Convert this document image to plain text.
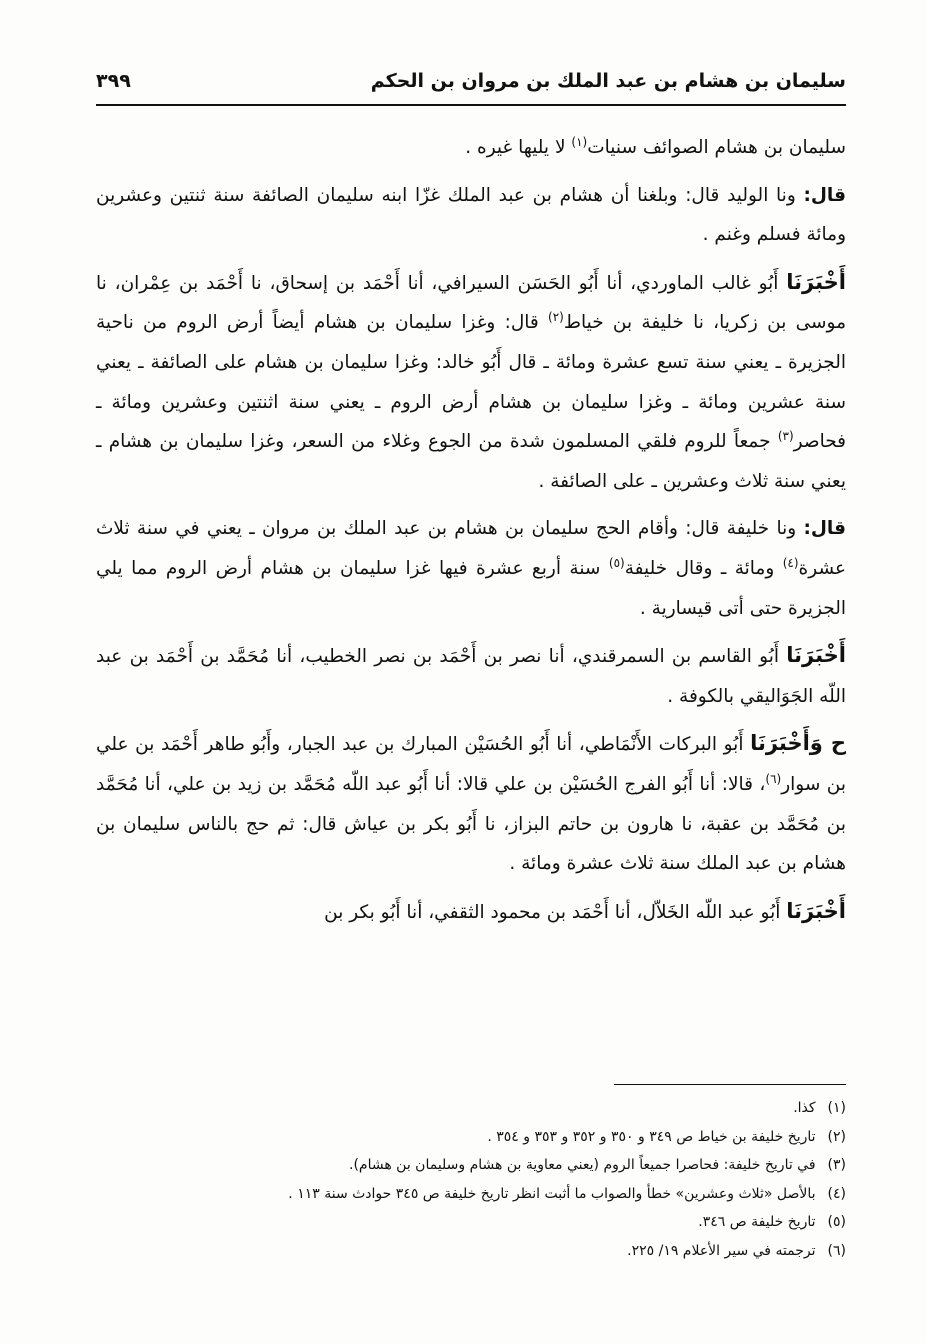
سليمان بن هشام بن عبد الملك بن مروان بن الحكم
٣٩٩

سليمان بن هشام الصوائف سنيات$^{(١)}$ لا يليها غيره .

قال: ونا الوليد قال: وبلغنا أن هشام بن عبد الملك غزّا ابنه سليمان الصائفة سنة ثنتين وعشرين ومائة فسلم وغنم .

أَخْبَرَنَا أَبُو غالب الماوردي، أنا أَبُو الحَسَن السيرافي، أنا أَحْمَد بن إسحاق، نا أَحْمَد بن عِمْران، نا موسى بن زكريا، نا خليفة بن خياط$^{(٢)}$ قال: وغزا سليمان بن هشام أيضاً أرض الروم من ناحية الجزيرة ـ يعني سنة تسع عشرة ومائة ـ قال أَبُو خالد: وغزا سليمان بن هشام على الصائفة ـ يعني سنة عشرين ومائة ـ وغزا سليمان بن هشام أرض الروم ـ يعني سنة اثنتين وعشرين ومائة ـ فحاصر$^{(٣)}$ جمعاً للروم فلقي المسلمون شدة من الجوع وغلاء من السعر، وغزا سليمان بن هشام ـ يعني سنة ثلاث وعشرين ـ على الصائفة .

قال: ونا خليفة قال: وأقام الحج سليمان بن هشام بن عبد الملك بن مروان ـ يعني في سنة ثلاث عشرة$^{(٤)}$ ومائة ـ وقال خليفة$^{(٥)}$ سنة أربع عشرة فيها غزا سليمان بن هشام أرض الروم مما يلي الجزيرة حتى أتى قيسارية .

أَخْبَرَنَا أَبُو القاسم بن السمرقندي، أنا نصر بن أَحْمَد بن نصر الخطيب، أنا مُحَمَّد بن أَحْمَد بن عبد اللّه الجَوَاليقي بالكوفة .

ح وَأَخْبَرَنَا أَبُو البركات الأَنْمَاطي، أنا أَبُو الحُسَيْن المبارك بن عبد الجبار، وأَبُو طاهر أَحْمَد بن علي بن سوار$^{(٦)}$، قالا: أنا أَبُو الفرج الحُسَيْن بن علي قالا: أنا أَبُو عبد اللّه مُحَمَّد بن زيد بن علي، أنا مُحَمَّد بن مُحَمَّد بن عقبة، نا هارون بن حاتم البزاز، نا أَبُو بكر بن عياش قال: ثم حج بالناس سليمان بن هشام بن عبد الملك سنة ثلاث عشرة ومائة .

أَخْبَرَنَا أَبُو عبد اللّه الخَلاّل، أنا أَحْمَد بن محمود الثقفي، أنا أَبُو بكر بن

(١) كذا.
(٢) تاريخ خليفة بن خياط ص ٣٤٩ و ٣٥٠ و ٣٥٢ و ٣٥٣ و ٣٥٤ .
(٣) في تاريخ خليفة: فحاصرا جميعاً الروم (يعني معاوية بن هشام وسليمان بن هشام).
(٤) بالأصل «ثلاث وعشرين» خطأ والصواب ما أثبت انظر تاريخ خليفة ص ٣٤٥ حوادث سنة ١١٣ .
(٥) تاريخ خليفة ص ٣٤٦.
(٦) ترجمته في سير الأعلام ١٩/ ٢٢٥.
